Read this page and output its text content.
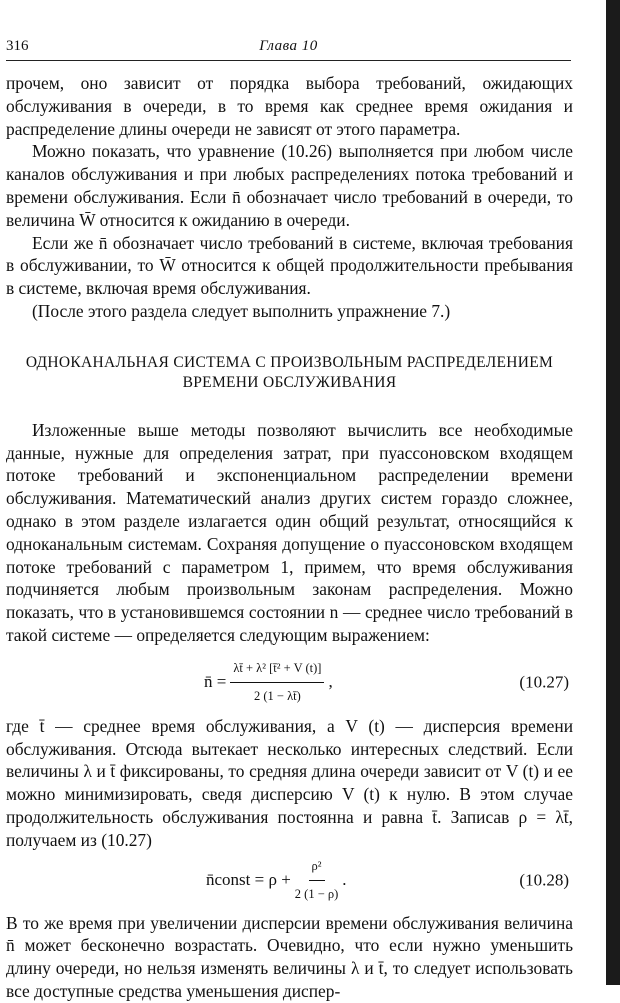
316	Глава 10

прочем, оно зависит от порядка выбора требований, ожидающих обслуживания в очереди, в то время как среднее время ожидания и распределение длины очереди не зависят от этого параметра.

Можно показать, что уравнение (10.26) выполняется при любом числе каналов обслуживания и при любых распределениях потока требований и времени обслуживания. Если n̄ обозначает число требований в очереди, то величина W̄ относится к ожиданию в очереди.

Если же n̄ обозначает число требований в системе, включая требования в обслуживании, то W̄ относится к общей продолжительности пребывания в системе, включая время обслуживания.

(После этого раздела следует выполнить упражнение 7.)

ОДНОКАНАЛЬНАЯ СИСТЕМА С ПРОИЗВОЛЬНЫМ РАСПРЕДЕЛЕНИЕМ ВРЕМЕНИ ОБСЛУЖИВАНИЯ

Изложенные выше методы позволяют вычислить все необходимые данные, нужные для определения затрат, при пуассоновском входящем потоке требований и экспоненциальном распределении времени обслуживания. Математический анализ других систем гораздо сложнее, однако в этом разделе излагается один общий результат, относящийся к одноканальным системам. Сохраняя допущение о пуассоновском входящем потоке требований с параметром 1, примем, что время обслуживания подчиняется любым произвольным законам распределения. Можно показать, что в установившемся состоянии n — среднее число требований в такой системе — определяется следующим выражением:

n̄ = $\frac{\text{λt̄ + λ² [t̄² + V (t)]}}{2 (1 - \lambda t̄)}$ ,	(10.27)

где t̄ — среднее время обслуживания, а V (t) — дисперсия времени обслуживания. Отсюда вытекает несколько интересных следствий. Если величины λ и t̄ фиксированы, то средняя длина очереди зависит от V (t) и ее можно минимизировать, сведя дисперсию V (t) к нулю. В этом случае продолжительность обслуживания постоянна и равна t̄. Записав ρ = λt̄, получаем из (10.27)

n̄const = $\rho + \frac{\text{ρ²}}{2 (1 - \rho)}$ .	(10.28)

В то же время при увеличении дисперсии времени обслуживания величина n̄ может бесконечно возрастать. Очевидно, что если нужно уменьшить длину очереди, но нельзя изменять величины λ и t̄, то следует использовать все доступные средства уменьшения диспер-
